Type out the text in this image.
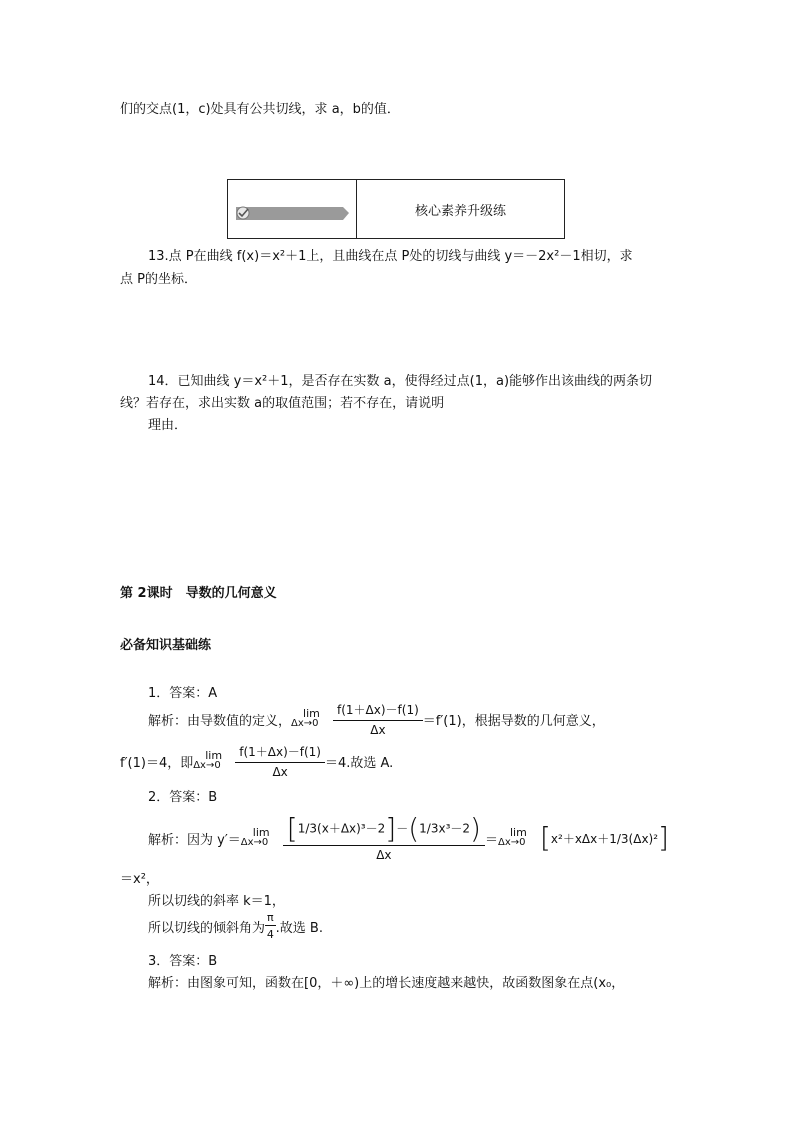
们的交点(1，c)处具有公共切线，求 a，b的值．
核心素养升级练
13.点 P在曲线 f(x)＝x²＋1上，且曲线在点 P处的切线与曲线 y＝－2x²－1相切，求
点 P的坐标．
14．已知曲线 y＝x²＋1，是否存在实数 a，使得经过点(1，a)能够作出该曲线的两条切
线？若存在，求出实数 a的取值范围；若不存在，请说明
理由．
第 2课时　导数的几何意义
必备知识基础练
1．答案：A
解析：由导数值的定义， lim
$\Delta x\to 0 \frac{f(1+\Delta x)-f(1)}{\Delta x} =f'(1)$，根据导数的几何意义，
f′(1)＝4，即 lim
$\Delta x\to 0 \frac{f(1+\Delta x)-f(1)}{\Delta x} =4$.故选 A.
2．答案：B
解析：因为 y′＝ lim
$\Delta x\to 0 \frac{\text{[1/3(x＋Δx)³－2]－(1/3x³－2)}}{\Delta x} = \lim$
Δx→0 [ x²＋xΔx＋1/3(Δx)² ]
＝x²，
所以切线的斜率 k＝1，
所以切线的倾斜角为 $\frac{\pi}{4}$ .故选 B.
3．答案：B
解析：由图象可知，函数在[0，＋∞)上的增长速度越来越快，故函数图象在点(x₀，
